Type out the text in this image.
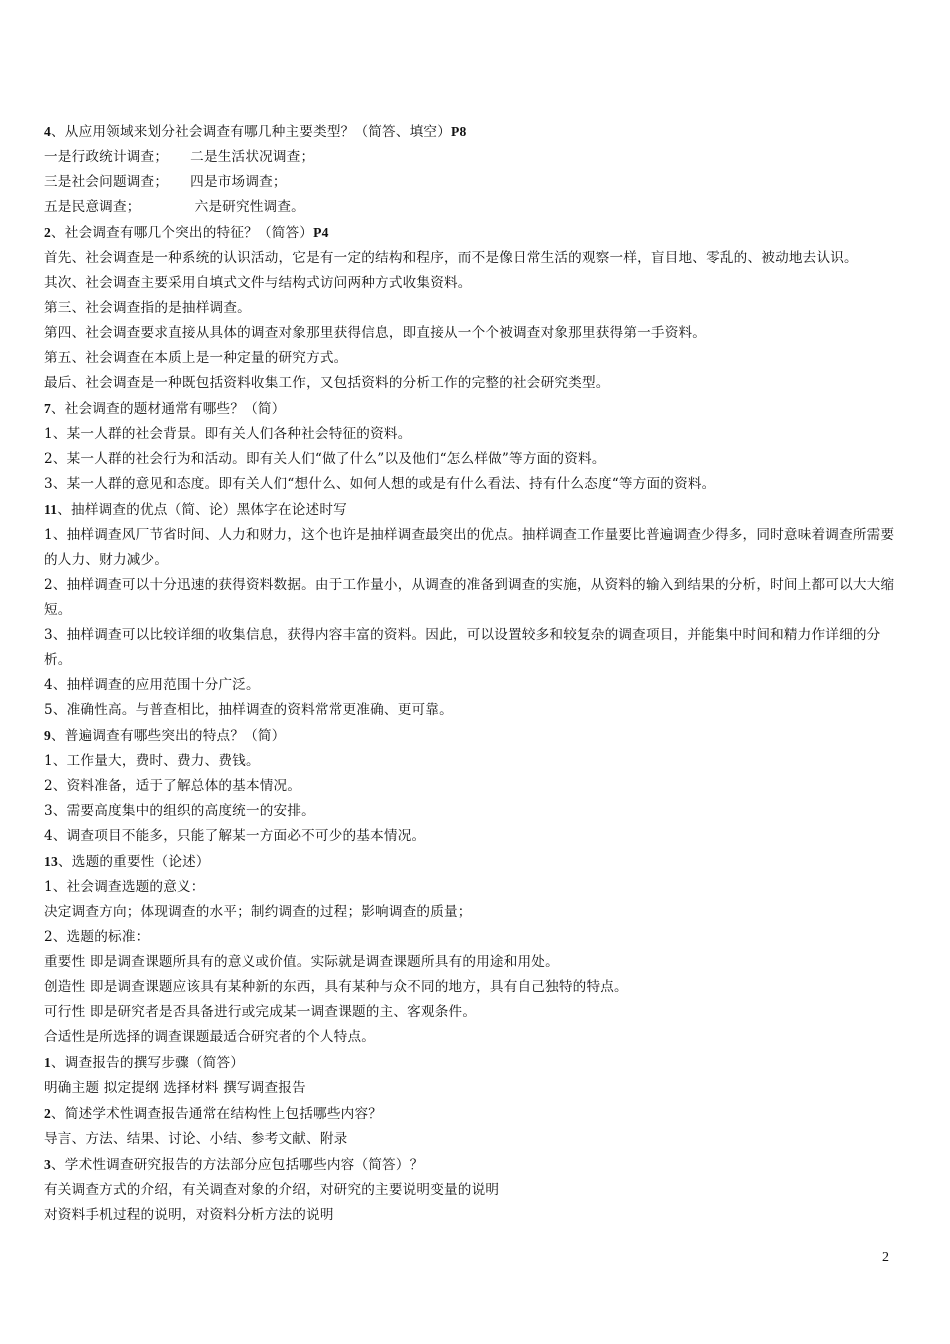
4、从应用领域来划分社会调查有哪几种主要类型？（简答、填空）P8
一是行政统计调查； 二是生活状况调查；
三是社会问题调查； 四是市场调查；
五是民意调查；	六是研究性调查。
2、社会调查有哪几个突出的特征？（简答）P4
首先、社会调查是一种系统的认识活动，它是有一定的结构和程序，而不是像日常生活的观察一样，盲目地、零乱的、被动地去认识。
其次、社会调查主要采用自填式文件与结构式访问两种方式收集资料。
第三、社会调查指的是抽样调查。
第四、社会调查要求直接从具体的调查对象那里获得信息，即直接从一个个被调查对象那里获得第一手资料。
第五、社会调查在本质上是一种定量的研究方式。
最后、社会调查是一种既包括资料收集工作，又包括资料的分析工作的完整的社会研究类型。
7、社会调查的题材通常有哪些？（简）
1、某一人群的社会背景。即有关人们各种社会特征的资料。
2、某一人群的社会行为和活动。即有关人们“做了什么”以及他们“怎么样做”等方面的资料。
3、某一人群的意见和态度。即有关人们“想什么、如何人想的或是有什么看法、持有什么态度“等方面的资料。
11、抽样调查的优点（简、论）黑体字在论述时写
1、抽样调查风厂节省时间、人力和财力，这个也许是抽样调查最突出的优点。抽样调查工作量要比普遍调查少得多，同时意味着调查所需要的人力、财力减少。
2、抽样调查可以十分迅速的获得资料数据。由于工作量小，从调查的准备到调查的实施，从资料的输入到结果的分析，时间上都可以大大缩短。
3、抽样调查可以比较详细的收集信息，获得内容丰富的资料。因此，可以设置较多和较复杂的调查项目，并能集中时间和精力作详细的分析。
4、抽样调查的应用范围十分广泛。
5、准确性高。与普查相比，抽样调查的资料常常更准确、更可靠。
9、普遍调查有哪些突出的特点？（简）
1、工作量大，费时、费力、费钱。
2、资料准备，适于了解总体的基本情况。
3、需要高度集中的组织的高度统一的安排。
4、调查项目不能多，只能了解某一方面必不可少的基本情况。
13、选题的重要性（论述）
1、社会调查选题的意义：
决定调查方向；体现调查的水平；制约调查的过程；影响调查的质量；
2、选题的标准：
重要性 即是调查课题所具有的意义或价值。实际就是调查课题所具有的用途和用处。
创造性 即是调查课题应该具有某种新的东西，具有某种与众不同的地方，具有自己独特的特点。
可行性 即是研究者是否具备进行或完成某一调查课题的主、客观条件。
合适性是所选择的调查课题最适合研究者的个人特点。
1、调查报告的撰写步骤（简答）
明确主题 拟定提纲 选择材料 撰写调查报告
2、简述学术性调查报告通常在结构性上包括哪些内容？
导言、方法、结果、讨论、小结、参考文献、附录
3、学术性调查研究报告的方法部分应包括哪些内容（简答）？
有关调查方式的介绍，有关调查对象的介绍，对研究的主要说明变量的说明
对资料手机过程的说明，对资料分析方法的说明
2
